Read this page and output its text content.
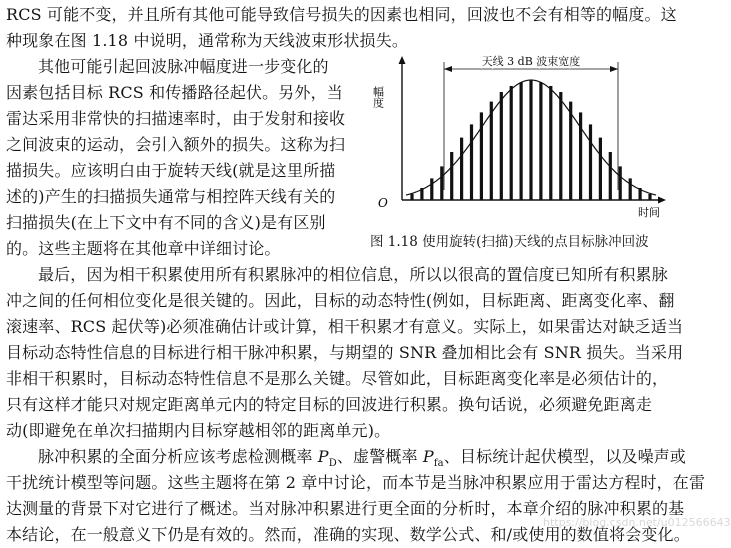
RCS 可能不变，并且所有其他可能导致信号损失的因素也相同，回波也不会有相等的幅度。这
种现象在图 1.18 中说明，通常称为天线波束形状损失。
其他可能引起回波脉冲幅度进一步变化的
因素包括目标 RCS 和传播路径起伏。另外，当
雷达采用非常快的扫描速率时，由于发射和接收
之间波束的运动，会引入额外的损失。这称为扫
描损失。应该明白由于旋转天线(就是这里所描
述的)产生的扫描损失通常与相控阵天线有关的
扫描损失(在上下文中有不同的含义)是有区别
的。这些主题将在其他章中详细讨论。
幅度
时间
O
天线 3 dB 波束宽度
图 1.18 使用旋转(扫描)天线的点目标脉冲回波
最后，因为相干积累使用所有积累脉冲的相位信息，所以以很高的置信度已知所有积累脉
冲之间的任何相位变化是很关键的。因此，目标的动态特性(例如，目标距离、距离变化率、翻
滚速率、RCS 起伏等)必须准确估计或计算，相干积累才有意义。实际上，如果雷达对缺乏适当
目标动态特性信息的目标进行相干脉冲积累，与期望的 SNR 叠加相比会有 SNR 损失。当采用
非相干积累时，目标动态特性信息不是那么关键。尽管如此，目标距离变化率是必须估计的，
只有这样才能只对规定距离单元内的特定目标的回波进行积累。换句话说，必须避免距离走
动(即避免在单次扫描期内目标穿越相邻的距离单元)。
脉冲积累的全面分析应该考虑检测概率 $P_D$、虚警概率 $P_{fa}$、目标统计起伏模型，以及噪声或
干扰统计模型等问题。这些主题将在第 2 章中讨论，而本节是当脉冲积累应用于雷达方程时，在雷
达测量的背景下对它进行了概述。当对脉冲积累进行更全面的分析时，本章介绍的脉冲积累的基
本结论，在一般意义下仍是有效的。然而，准确的实现、数学公式、和/或使用的数值将会变化。
https://blog.csdn.net/u012566643
